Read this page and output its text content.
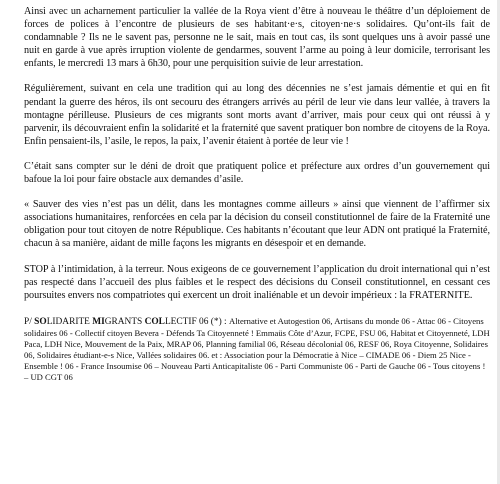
Ainsi avec un acharnement particulier la vallée de la Roya vient d’être à nouveau le théâtre d’un déploiement de forces de polices à l’encontre de plusieurs de ses habitant·e·s, citoyen·ne·s solidaires. Qu’ont-ils fait de condamnable ? Ils ne le savent pas, personne ne le sait, mais en tout cas, ils sont quelques uns à avoir passé une nuit en garde à vue après irruption violente de gendarmes, souvent l’arme au poing à leur domicile, terrorisant les enfants, le mercredi 13 mars à 6h30, pour une perquisition suivie de leur arrestation.

Régulièrement, suivant en cela une tradition qui au long des décennies ne s’est jamais démentie et qui en fit pendant la guerre des héros, ils ont secouru des étrangers arrivés au péril de leur vie dans leur vallée, à travers la montagne périlleuse. Plusieurs de ces migrants sont morts avant d’arriver, mais pour ceux qui ont réussi à y parvenir, ils découvraient enfin la solidarité et la fraternité que savent pratiquer bon nombre de citoyens de la Roya. Enfin pensaient-ils, l’asile, le repos, la paix, l’avenir étaient à portée de leur vie !

C’était sans compter sur le déni de droit que pratiquent police et préfecture aux ordres d’un gouvernement qui bafoue la loi pour faire obstacle aux demandes d’asile.

« Sauver des vies n’est pas un délit, dans les montagnes comme ailleurs » ainsi que viennent de l’affirmer six associations humanitaires, renforcées en cela par la décision du conseil constitutionnel de faire de la Fraternité une obligation pour tout citoyen de notre République. Ces habitants n’écoutant que leur ADN ont pratiqué la Fraternité, chacun à sa manière, aidant de mille façons les migrants en désespoir et en demande.

STOP à l’intimidation, à la terreur. Nous exigeons de ce gouvernement l’application du droit international qui n’est pas respecté dans l’accueil des plus faibles et le respect des décisions du Conseil constitutionnel, en cessant ces poursuites envers nos compatriotes qui exercent un droit inaliénable et un devoir impérieux : la FRATERNITE.

P/ SOLIDARITE MIGRANTS COLLECTIF 06 (*) : Alternative et Autogestion 06, Artisans du monde 06 - Attac 06 - Citoyens solidaires 06 - Collectif citoyen Bevera - Défends Ta Citoyenneté ! Emmaüs Côte d’Azur, FCPE, FSU 06, Habitat et Citoyenneté, LDH Paca, LDH Nice, Mouvement de la Paix, MRAP 06, Planning familial 06, Réseau décolonial 06, RESF 06, Roya Citoyenne, Solidaires 06, Solidaires étudiant-e-s Nice, Vallées solidaires 06. et : Association pour la Démocratie à Nice – CIMADE 06 - Diem 25 Nice - Ensemble ! 06 - France Insoumise 06 – Nouveau Parti Anticapitaliste 06 - Parti Communiste 06 - Parti de Gauche 06 - Tous citoyens ! – UD CGT 06
